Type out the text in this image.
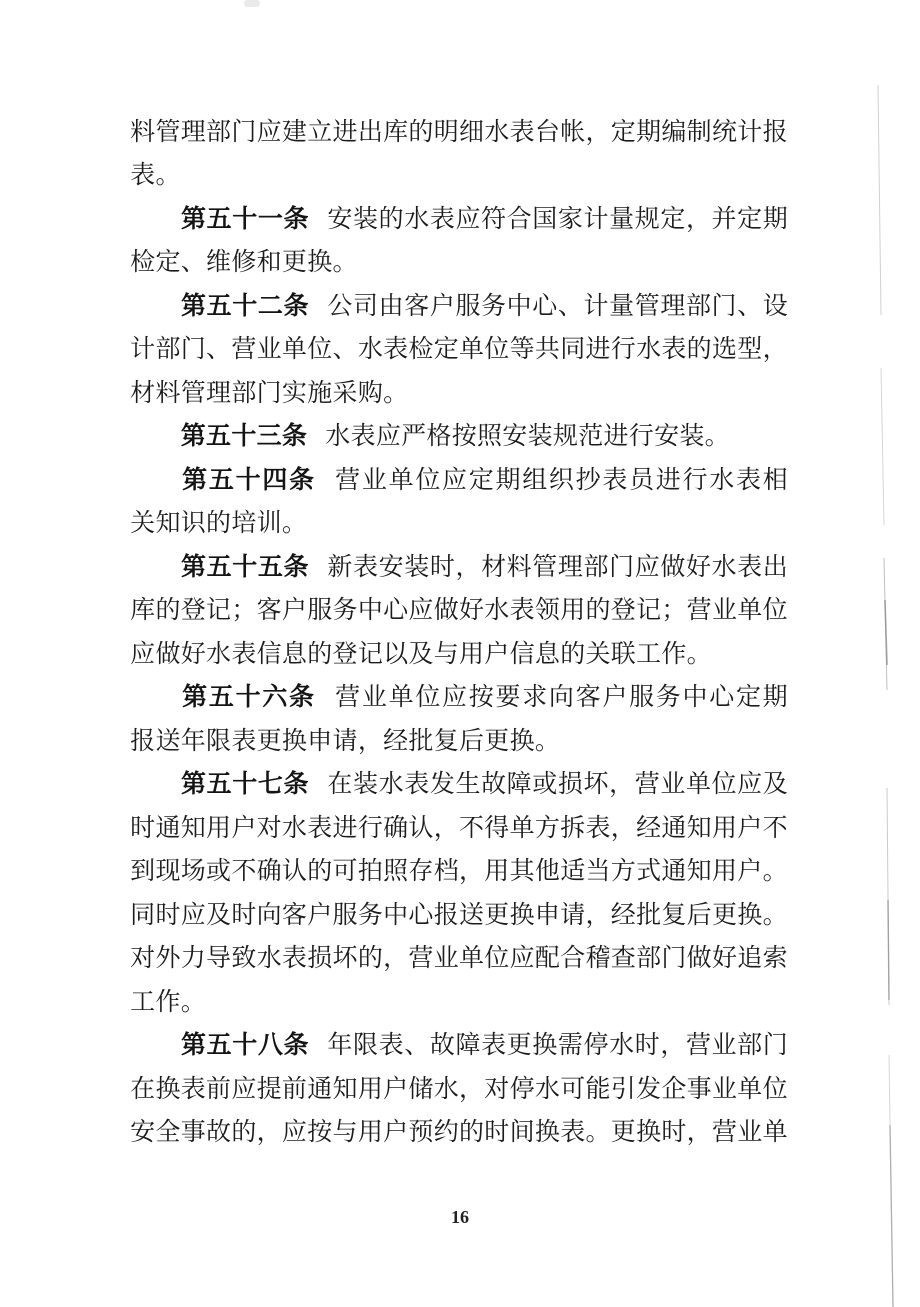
料 管 理 部 门 应 建 立 进 出 库 的 明 细 水 表 台 帐 ， 定 期 编 制 统 计 报
表 。
第 五 十 一 条 安 装 的 水 表 应 符 合 国 家 计 量 规 定 ， 并 定 期
检 定 、 维 修 和 更 换 。
第 五 十 二 条 公 司 由 客 户 服 务 中 心 、 计 量 管 理 部 门 、 设
计 部 门 、 营 业 单 位 、 水 表 检 定 单 位 等 共 同 进 行 水 表 的 选 型 ，
材 料 管 理 部 门 实 施 采 购 。
第 五 十 三 条 水 表 应 严 格 按 照 安 装 规 范 进 行 安 装 。
第 五 十 四 条 营 业 单 位 应 定 期 组 织 抄 表 员 进 行 水 表 相
关 知 识 的 培 训 。
第 五 十 五 条 新 表 安 装 时 ， 材 料 管 理 部 门 应 做 好 水 表 出
库 的 登 记 ； 客 户 服 务 中 心 应 做 好 水 表 领 用 的 登 记 ； 营 业 单 位
应 做 好 水 表 信 息 的 登 记 以 及 与 用 户 信 息 的 关 联 工 作 。
第 五 十 六 条 营 业 单 位 应 按 要 求 向 客 户 服 务 中 心 定 期
报 送 年 限 表 更 换 申 请 ， 经 批 复 后 更 换 。
第 五 十 七 条 在 装 水 表 发 生 故 障 或 损 坏 ， 营 业 单 位 应 及
时 通 知 用 户 对 水 表 进 行 确 认 ， 不 得 单 方 拆 表 ， 经 通 知 用 户 不
到 现 场 或 不 确 认 的 可 拍 照 存 档 ， 用 其 他 适 当 方 式 通 知 用 户 。
同 时 应 及 时 向 客 户 服 务 中 心 报 送 更 换 申 请 ， 经 批 复 后 更 换 。
对 外 力 导 致 水 表 损 坏 的 ， 营 业 单 位 应 配 合 稽 查 部 门 做 好 追 索
工 作 。
第 五 十 八 条 年 限 表 、 故 障 表 更 换 需 停 水 时 ， 营 业 部 门
在 换 表 前 应 提 前 通 知 用 户 储 水 ， 对 停 水 可 能 引 发 企 事 业 单 位
安 全 事 故 的 ， 应 按 与 用 户 预 约 的 时 间 换 表 。 更 换 时 ， 营 业 单
16
